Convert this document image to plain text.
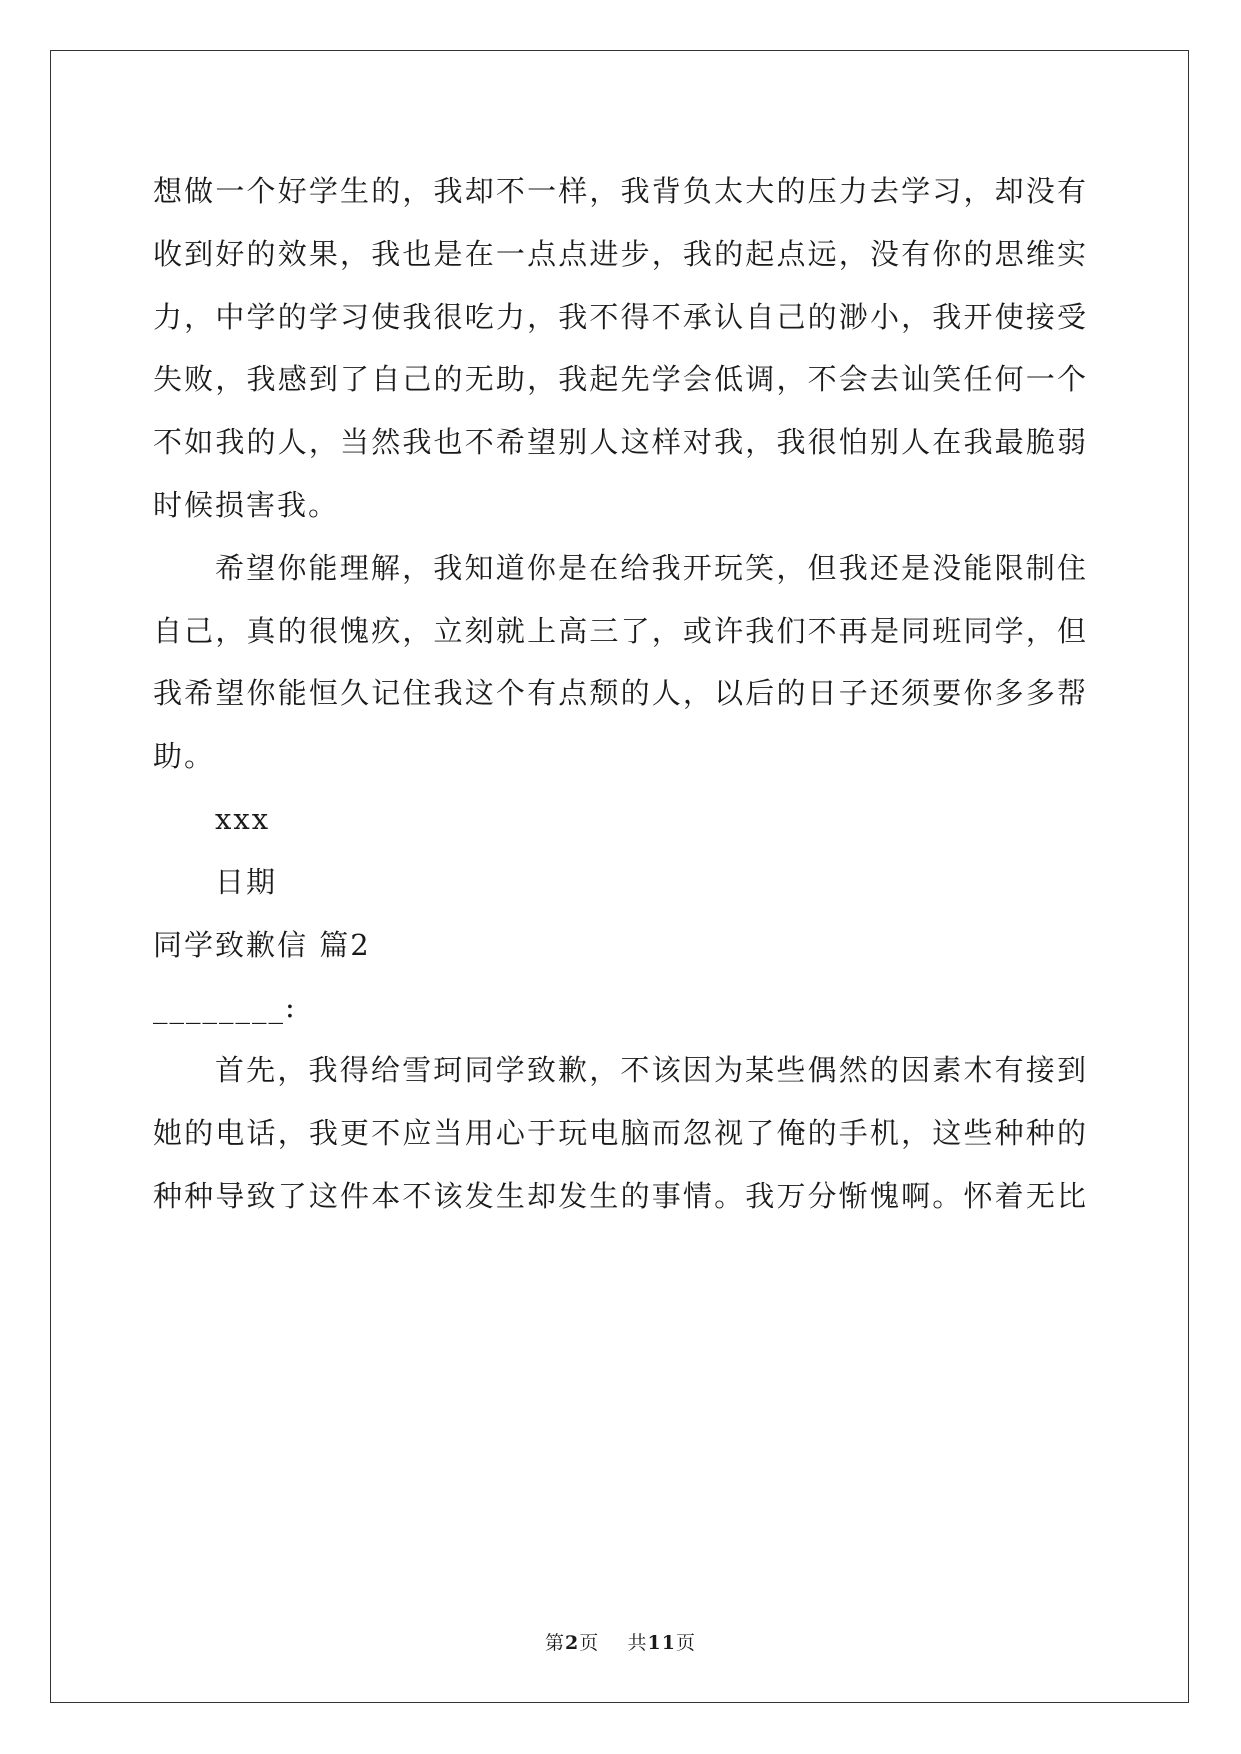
想做一个好学生的，我却不一样，我背负太大的压力去学习，却没有
收到好的效果，我也是在一点点进步，我的起点远，没有你的思维实
力，中学的学习使我很吃力，我不得不承认自己的渺小，我开使接受
失败，我感到了自己的无助，我起先学会低调，不会去讪笑任何一个
不如我的人，当然我也不希望别人这样对我，我很怕别人在我最脆弱
时候损害我。
希望你能理解，我知道你是在给我开玩笑，但我还是没能限制住
自己，真的很愧疚，立刻就上高三了，或许我们不再是同班同学，但
我希望你能恒久记住我这个有点颓的人，以后的日子还须要你多多帮
助。
xxx
日期
同学致歉信 篇2
________:
首先，我得给雪珂同学致歉，不该因为某些偶然的因素木有接到
她的电话，我更不应当用心于玩电脑而忽视了俺的手机，这些种种的
种种导致了这件本不该发生却发生的事情。我万分惭愧啊。怀着无比
第2页 共11页
